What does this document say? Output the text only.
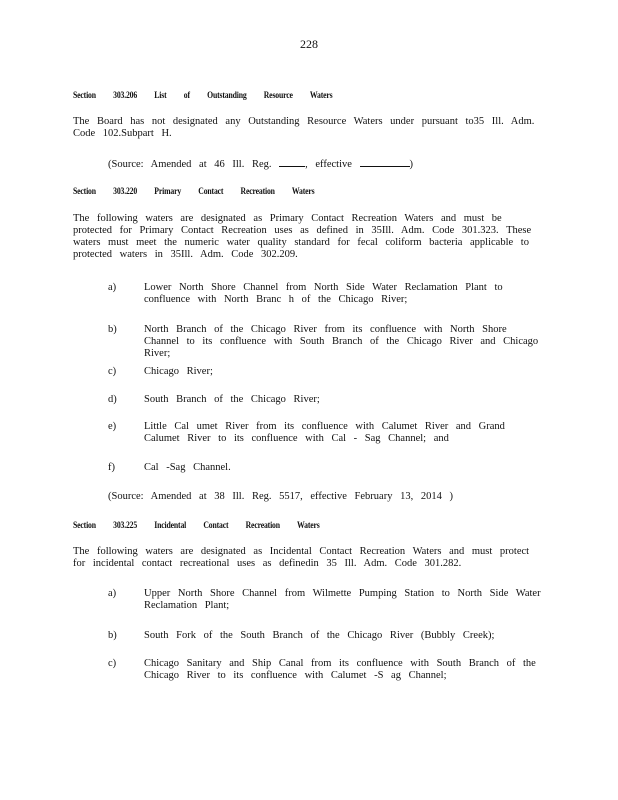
228
Section 303.206 List of Outstanding Resource Waters
The Board has not designated any Outstanding Resource Waters under pursuant to35 Ill. Adm. Code 102.Subpart H.
(Source: Amended at 46 Ill. Reg.	, effective	)
Section 303.220 Primary Contact Recreation Waters
The following waters are designated as Primary Contact Recreation Waters and must be protected for Primary Contact Recreation uses as defined in 35Ill. Adm. Code 301.323. These waters must meet the numeric water quality standard for fecal coliform bacteria applicable to protected waters in 35Ill. Adm. Code 302.209.
a)	Lower North Shore Channel from North Side Water Reclamation Plant to confluence with North Branc h of the Chicago River;
b)	North Branch of the Chicago River from its confluence with North Shore Channel to its confluence with South Branch of the Chicago River and Chicago River;
c)	Chicago River;
d)	South Branch of the Chicago River;
e)	Little Cal umet River from its confluence with Calumet River and Grand Calumet River to its confluence with Cal - Sag Channel; and
f)	Cal -Sag Channel.
(Source: Amended at 38 Ill. Reg. 5517, effective February 13, 2014 )
Section 303.225 Incidental Contact Recreation Waters
The following waters are designated as Incidental Contact Recreation Waters and must protect for incidental contact recreational uses as definedin 35 Ill. Adm. Code 301.282.
a)	Upper North Shore Channel from Wilmette Pumping Station to North Side Water Reclamation Plant;
b)	South Fork of the South Branch of the Chicago River (Bubbly Creek);
c)	Chicago Sanitary and Ship Canal from its confluence with South Branch of the Chicago River to its confluence with Calumet -S ag Channel;
